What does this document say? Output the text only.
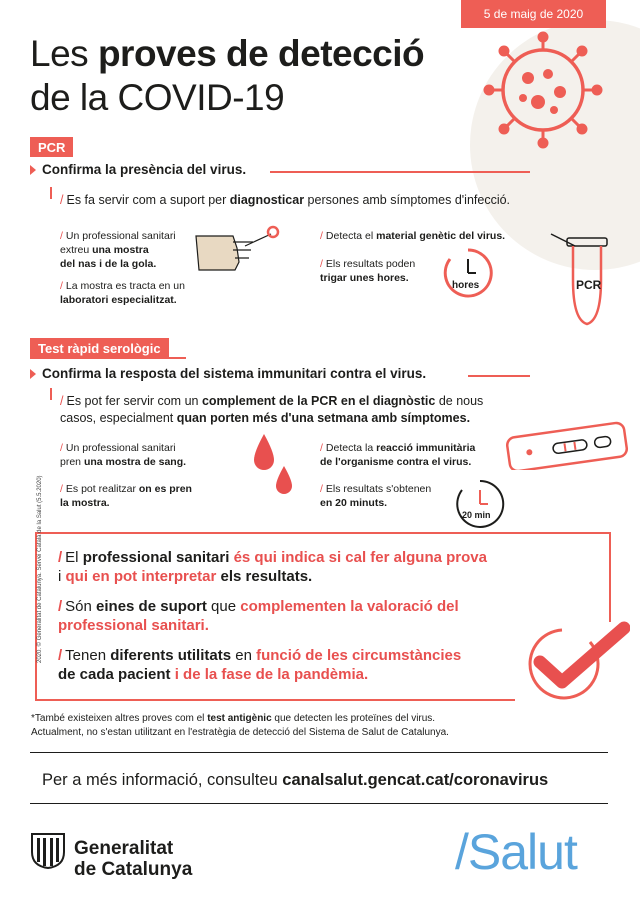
5 de maig de 2020
Les proves de detecció
de la COVID-19
PCR
Confirma la presència del virus.
/ Es fa servir com a suport per diagnosticar persones amb símptomes d'infecció.
/ Un professional sanitari
extreu una mostra
del nas i de la gola.
/ La mostra es tracta en un
laboratori especialitzat.
/ Detecta el material genètic del virus.
/ Els resultats poden
trigar unes hores.
hores	PCR
Test ràpid serològic
Confirma la resposta del sistema immunitari contra el virus.
/ Es pot fer servir com un complement de la PCR en el diagnòstic de nous
casos, especialment quan porten més d'una setmana amb símptomes.
/ Un professional sanitari
pren una mostra de sang.
/ Es pot realitzar on es pren
la mostra.
/ Detecta la reacció immunitària
de l'organisme contra el virus.
/ Els resultats s'obtenen
en 20 minuts.
20 min
/ El professional sanitari és qui indica si cal fer alguna prova
i qui en pot interpretar els resultats.
/ Són eines de suport que complementen la valoració del
professional sanitari.
/ Tenen diferents utilitats en funció de les circumstàncies
de cada pacient i de la fase de la pandèmia.
2020. © Generalitat de Catalunya. Servei Català de la Salut (5.5.2020)
*També existeixen altres proves com el test antigènic que detecten les proteïnes del virus.
Actualment, no s'estan utilitzant en l'estratègia de detecció del Sistema de Salut de Catalunya.
Per a més informació, consulteu canalsalut.gencat.cat/coronavirus
Generalitat
de Catalunya	/Salut
